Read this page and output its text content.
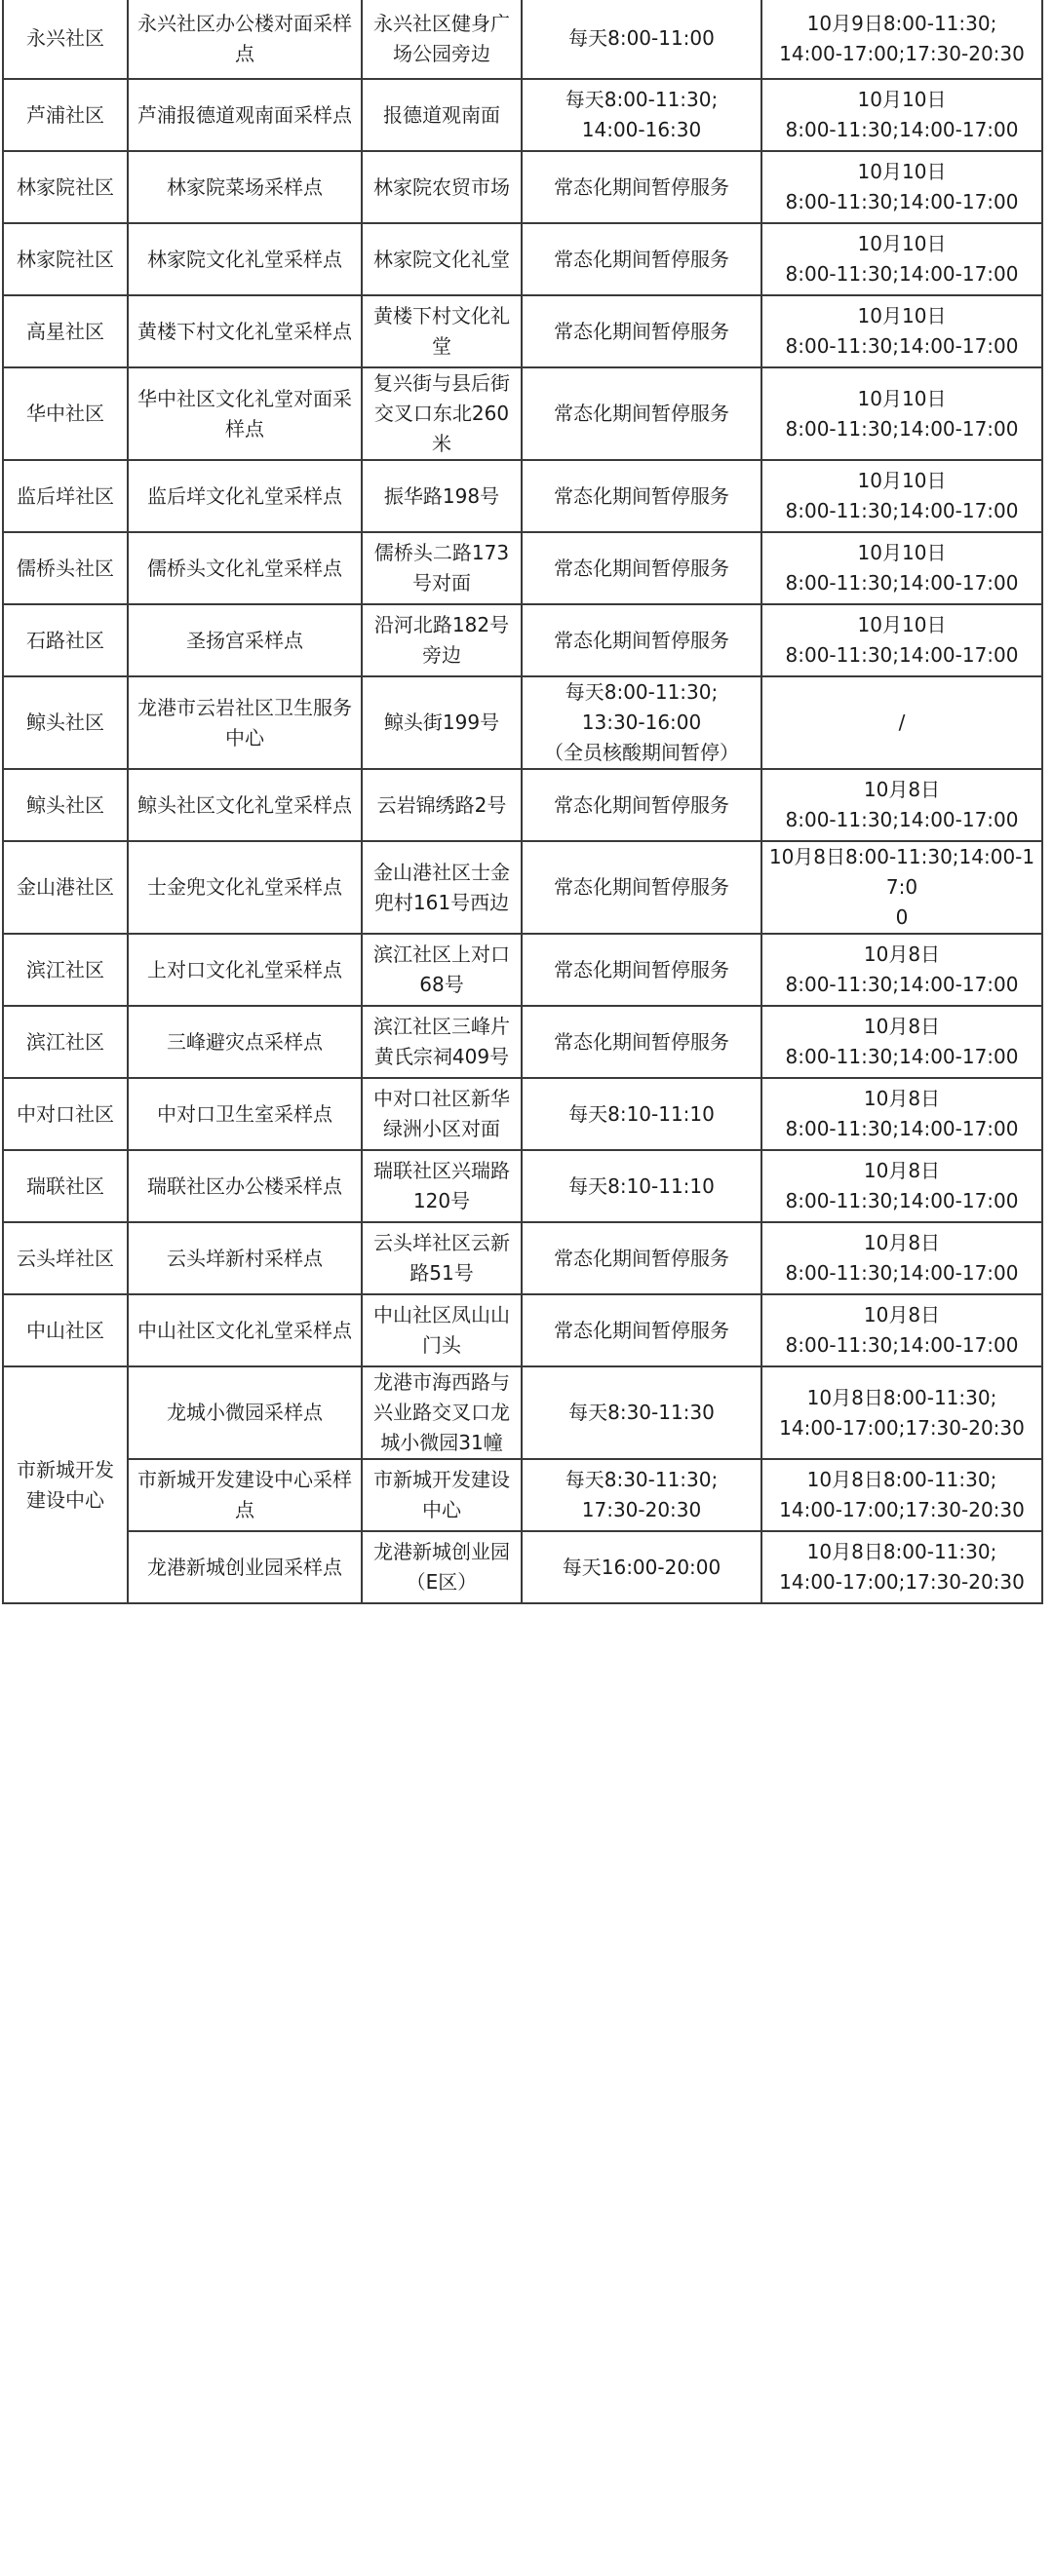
永兴社区	永兴社区办公楼对面采样点	永兴社区健身广场公园旁边	每天8:00-11:00	10月9日8:00-11:30;
14:00-17:00;17:30-20:30

芦浦社区	芦浦报德道观南面采样点	报德道观南面	每天8:00-11:30;
14:00-16:30	10月10日
8:00-11:30;14:00-17:00

林家院社区	林家院菜场采样点	林家院农贸市场	常态化期间暂停服务	10月10日
8:00-11:30;14:00-17:00

林家院社区	林家院文化礼堂采样点	林家院文化礼堂	常态化期间暂停服务	10月10日
8:00-11:30;14:00-17:00

高星社区	黄楼下村文化礼堂采样点	黄楼下村文化礼堂	常态化期间暂停服务	10月10日
8:00-11:30;14:00-17:00

华中社区	华中社区文化礼堂对面采样点	复兴街与县后街交叉口东北260米	常态化期间暂停服务	10月10日
8:00-11:30;14:00-17:00

监后垟社区	监后垟文化礼堂采样点	振华路198号	常态化期间暂停服务	10月10日
8:00-11:30;14:00-17:00

儒桥头社区	儒桥头文化礼堂采样点	儒桥头二路173号对面	常态化期间暂停服务	10月10日
8:00-11:30;14:00-17:00

石路社区	圣扬宫采样点	沿河北路182号旁边	常态化期间暂停服务	10月10日
8:00-11:30;14:00-17:00

鲸头社区	龙港市云岩社区卫生服务中心	鲸头街199号	每天8:00-11:30;
13:30-16:00
（全员核酸期间暂停）	/

鲸头社区	鲸头社区文化礼堂采样点	云岩锦绣路2号	常态化期间暂停服务	10月8日
8:00-11:30;14:00-17:00

金山港社区	士金兜文化礼堂采样点	金山港社区士金兜村161号西边	常态化期间暂停服务	10月8日8:00-11:30;14:00-17:0
0

滨江社区	上对口文化礼堂采样点	滨江社区上对口68号	常态化期间暂停服务	10月8日
8:00-11:30;14:00-17:00

滨江社区	三峰避灾点采样点	滨江社区三峰片黄氏宗祠409号	常态化期间暂停服务	10月8日
8:00-11:30;14:00-17:00

中对口社区	中对口卫生室采样点	中对口社区新华绿洲小区对面	每天8:10-11:10	10月8日
8:00-11:30;14:00-17:00

瑞联社区	瑞联社区办公楼采样点	瑞联社区兴瑞路120号	每天8:10-11:10	10月8日
8:00-11:30;14:00-17:00

云头垟社区	云头垟新村采样点	云头垟社区云新路51号	常态化期间暂停服务	10月8日
8:00-11:30;14:00-17:00

中山社区	中山社区文化礼堂采样点	中山社区凤山山门头	常态化期间暂停服务	10月8日
8:00-11:30;14:00-17:00

市新城开发建设中心	龙城小微园采样点	龙港市海西路与兴业路交叉口龙城小微园31幢	每天8:30-11:30	10月8日8:00-11:30;
14:00-17:00;17:30-20:30

	市新城开发建设中心采样点	市新城开发建设中心	每天8:30-11:30;
17:30-20:30	10月8日8:00-11:30;
14:00-17:00;17:30-20:30

	龙港新城创业园采样点	龙港新城创业园（E区）	每天16:00-20:00	10月8日8:00-11:30;
14:00-17:00;17:30-20:30
